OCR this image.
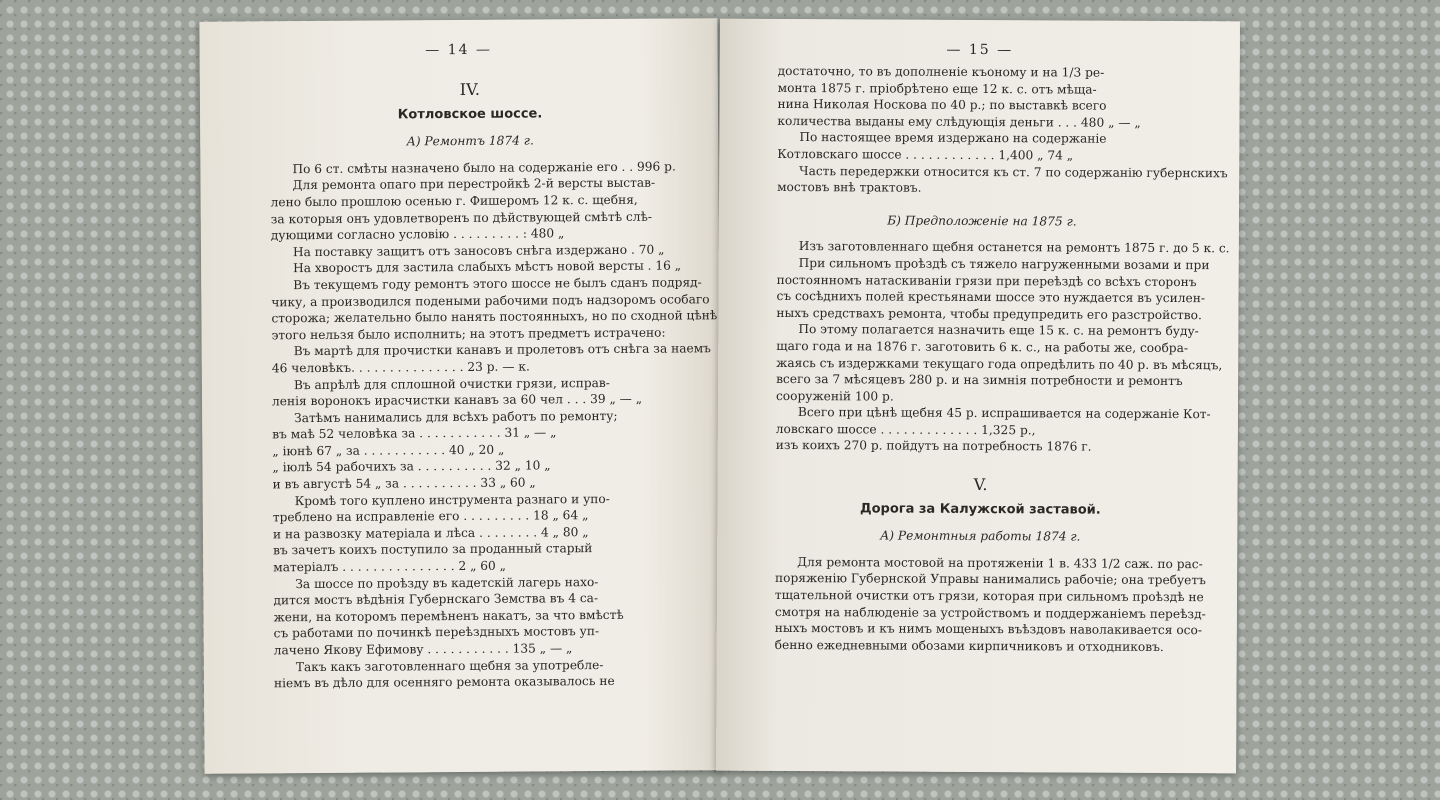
— 14 —
IV.
Котловское шоссе.
А) Ремонтъ 1874 г.
По 6 ст. смѣты назначено было на содержаніе его . . 996 р.
Для ремонта опаго при перестройкѣ 2-й версты выстав-
лено было прошлою осенью г. Фишеромъ 12 к. с. щебня,
за которыя онъ удовлетворенъ по дѣйствующей смѣтѣ слѣ-
дующими согласно условію . . . . . . . . . : 480 „
На поставку защитъ отъ заносовъ снѣга издержано . 70 „
На хворостъ для застила слабыхъ мѣстъ новой версты . 16 „
Въ текущемъ году ремонтъ этого шоссе не былъ сданъ подряд-
чику, а производился подеными рабочими подъ надзоромъ особаго
сторожа; желательно было нанять постоянныхъ, но по сходной цѣнѣ
этого нельзя было исполнить; на этотъ предметъ истрачено:
Въ мартѣ для прочистки канавъ и пролетовъ отъ снѣга за наемъ
46 человѣкъ. . . . . . . . . . . . . . . 23 р. — к.
Въ апрѣлѣ для сплошной очистки грязи, исправ-
ленія воронокъ ирасчистки канавъ за 60 чел . . . 39 „ — „
Затѣмъ нанимались для всѣхъ работъ по ремонту;
въ маѣ 52 человѣка за . . . . . . . . . . . 31 „ — „
„ іюнѣ 67 „ за . . . . . . . . . . . 40 „ 20 „
„ іюлѣ 54 рабочихъ за . . . . . . . . . . 32 „ 10 „
и въ августѣ 54 „ за . . . . . . . . . . 33 „ 60 „
Кромѣ того куплено инструмента разнаго и упо-
треблено на исправленіе его . . . . . . . . . 18 „ 64 „
и на развозку матеріала и лѣса . . . . . . . . 4 „ 80 „
въ зачетъ коихъ поступило за проданный старый
матеріалъ . . . . . . . . . . . . . . . 2 „ 60 „
За шоссе по проѣзду въ кадетскій лагерь нахо-
дится мостъ вѣдѣнія Губернскаго Земства въ 4 са-
жени, на которомъ перемѣненъ накатъ, за что вмѣстѣ
съ работами по починкѣ переѣздныхъ мостовъ уп-
лачено Якову Ефимову . . . . . . . . . . . 135 „ — „
Такъ какъ заготовленнаго щебня за употребле-
ніемъ въ дѣло для осенняго ремонта оказывалось не
— 15 —
достаточно, то въ дополненіе къоному и на 1/3 ре-
монта 1875 г. пріобрѣтено еще 12 к. с. отъ мѣща-
нина Николая Носкова по 40 р.; по выставкѣ всего
количества выданы ему слѣдующія деньги . . . 480 „ — „
По настоящее время издержано на содержаніе
Котловскаго шоссе . . . . . . . . . . . . 1,400 „ 74 „
Часть передержки относится къ ст. 7 по содержанію губернскихъ
мостовъ внѣ трактовъ.
Б) Предположеніе на 1875 г.
Изъ заготовленнаго щебня останется на ремонтъ 1875 г. до 5 к. с.
При сильномъ проѣздѣ съ тяжело нагруженными возами и при
постоянномъ натаскиваніи грязи при переѣздѣ со всѣхъ сторонъ
съ сосѣднихъ полей крестьянами шоссе это нуждается въ усилен-
ныхъ средствахъ ремонта, чтобы предупредить его разстройство.
По этому полагается назначить еще 15 к. с. на ремонтъ буду-
щаго года и на 1876 г. заготовить 6 к. с., на работы же, сообра-
жаясь съ издержками текущаго года опредѣлить по 40 р. въ мѣсяцъ,
всего за 7 мѣсяцевъ 280 р. и на зимнія потребности и ремонтъ
сооруженій 100 р.
Всего при цѣнѣ щебня 45 р. испрашивается на содержаніе Кот-
ловскаго шоссе . . . . . . . . . . . . . 1,325 р.,
изъ коихъ 270 р. пойдутъ на потребность 1876 г.
V.
Дорога за Калужской заставой.
А) Ремонтныя работы 1874 г.
Для ремонта мостовой на протяженіи 1 в. 433 1/2 саж. по рас-
поряженію Губернской Управы нанимались рабочіе; она требуетъ
тщательной очистки отъ грязи, которая при сильномъ проѣздѣ не
смотря на наблюденіе за устройствомъ и поддержаніемъ переѣзд-
ныхъ мостовъ и къ нимъ мощеныхъ въѣздовъ наволакивается осо-
бенно ежедневными обозами кирпичниковъ и отходниковъ.
